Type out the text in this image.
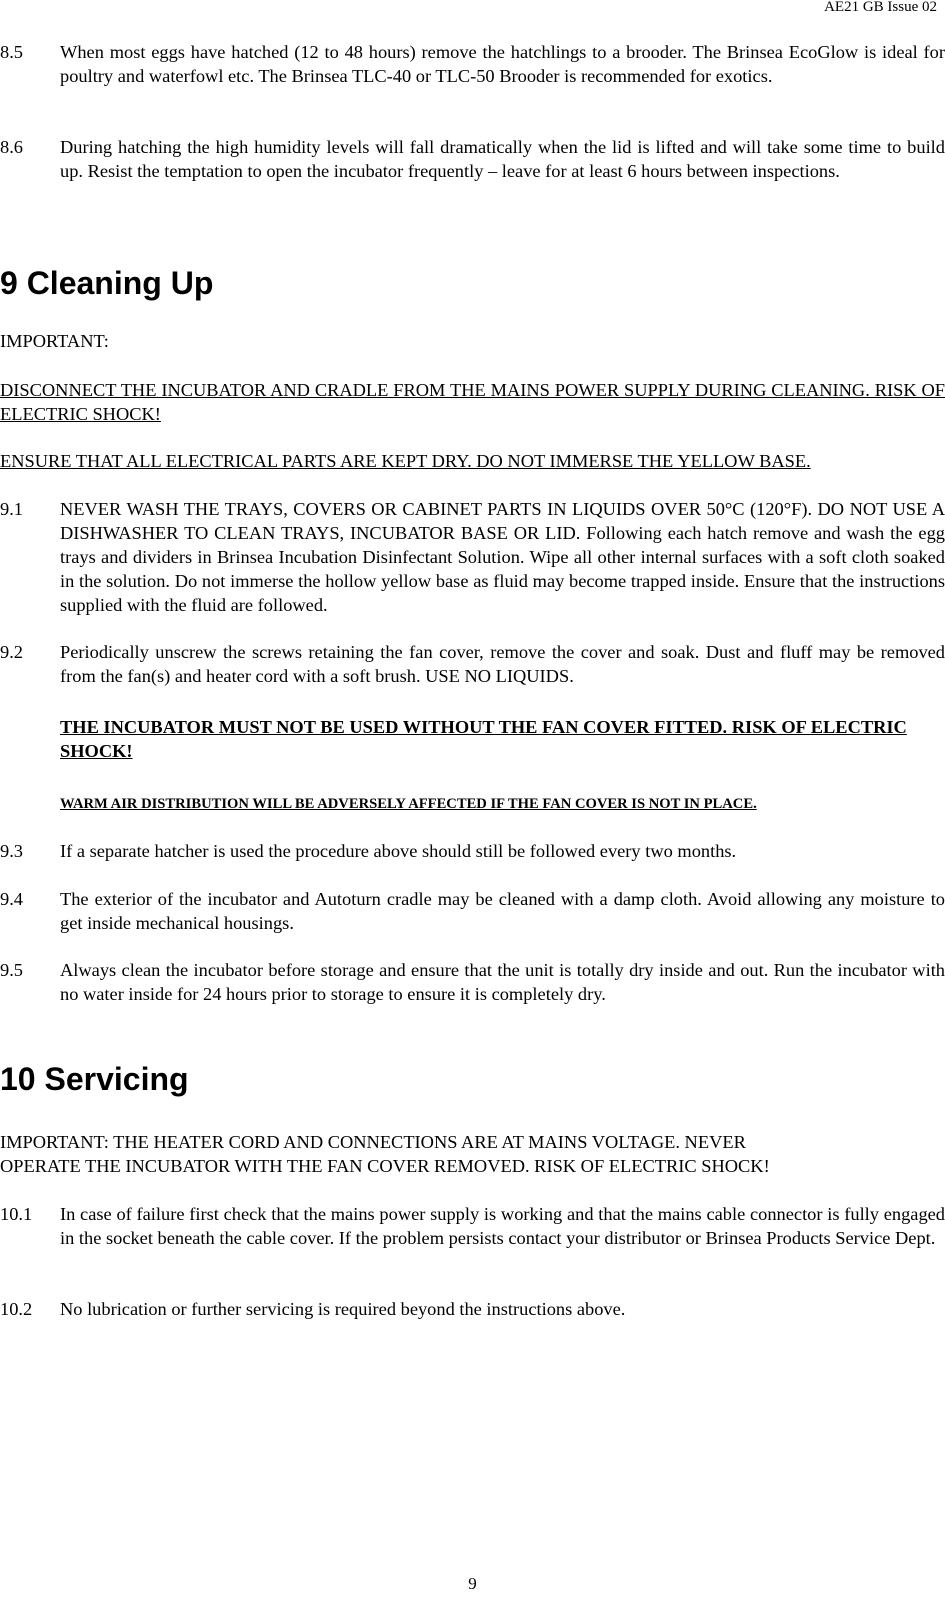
AE21 GB Issue 02
8.5 When most eggs have hatched (12 to 48 hours) remove the hatchlings to a brooder. The Brinsea EcoGlow is ideal for poultry and waterfowl etc. The Brinsea TLC-40 or TLC-50 Brooder is recommended for exotics.
8.6 During hatching the high humidity levels will fall dramatically when the lid is lifted and will take some time to build up. Resist the temptation to open the incubator frequently – leave for at least 6 hours between inspections.
9 Cleaning Up
IMPORTANT:
DISCONNECT THE INCUBATOR AND CRADLE FROM THE MAINS POWER SUPPLY DURING CLEANING. RISK OF ELECTRIC SHOCK!
ENSURE THAT ALL ELECTRICAL PARTS ARE KEPT DRY. DO NOT IMMERSE THE YELLOW BASE.
9.1 NEVER WASH THE TRAYS, COVERS OR CABINET PARTS IN LIQUIDS OVER 50°C (120°F). DO NOT USE A DISHWASHER TO CLEAN TRAYS, INCUBATOR BASE OR LID. Following each hatch remove and wash the egg trays and dividers in Brinsea Incubation Disinfectant Solution. Wipe all other internal surfaces with a soft cloth soaked in the solution. Do not immerse the hollow yellow base as fluid may become trapped inside. Ensure that the instructions supplied with the fluid are followed.
9.2 Periodically unscrew the screws retaining the fan cover, remove the cover and soak. Dust and fluff may be removed from the fan(s) and heater cord with a soft brush. USE NO LIQUIDS.
THE INCUBATOR MUST NOT BE USED WITHOUT THE FAN COVER FITTED. RISK OF ELECTRIC SHOCK!
WARM AIR DISTRIBUTION WILL BE ADVERSELY AFFECTED IF THE FAN COVER IS NOT IN PLACE.
9.3 If a separate hatcher is used the procedure above should still be followed every two months.
9.4 The exterior of the incubator and Autoturn cradle may be cleaned with a damp cloth. Avoid allowing any moisture to get inside mechanical housings.
9.5 Always clean the incubator before storage and ensure that the unit is totally dry inside and out. Run the incubator with no water inside for 24 hours prior to storage to ensure it is completely dry.
10 Servicing
IMPORTANT: THE HEATER CORD AND CONNECTIONS ARE AT MAINS VOLTAGE. NEVER
OPERATE THE INCUBATOR WITH THE FAN COVER REMOVED. RISK OF ELECTRIC SHOCK!
10.1 In case of failure first check that the mains power supply is working and that the mains cable connector is fully engaged in the socket beneath the cable cover. If the problem persists contact your distributor or Brinsea Products Service Dept.
10.2 No lubrication or further servicing is required beyond the instructions above.
9
